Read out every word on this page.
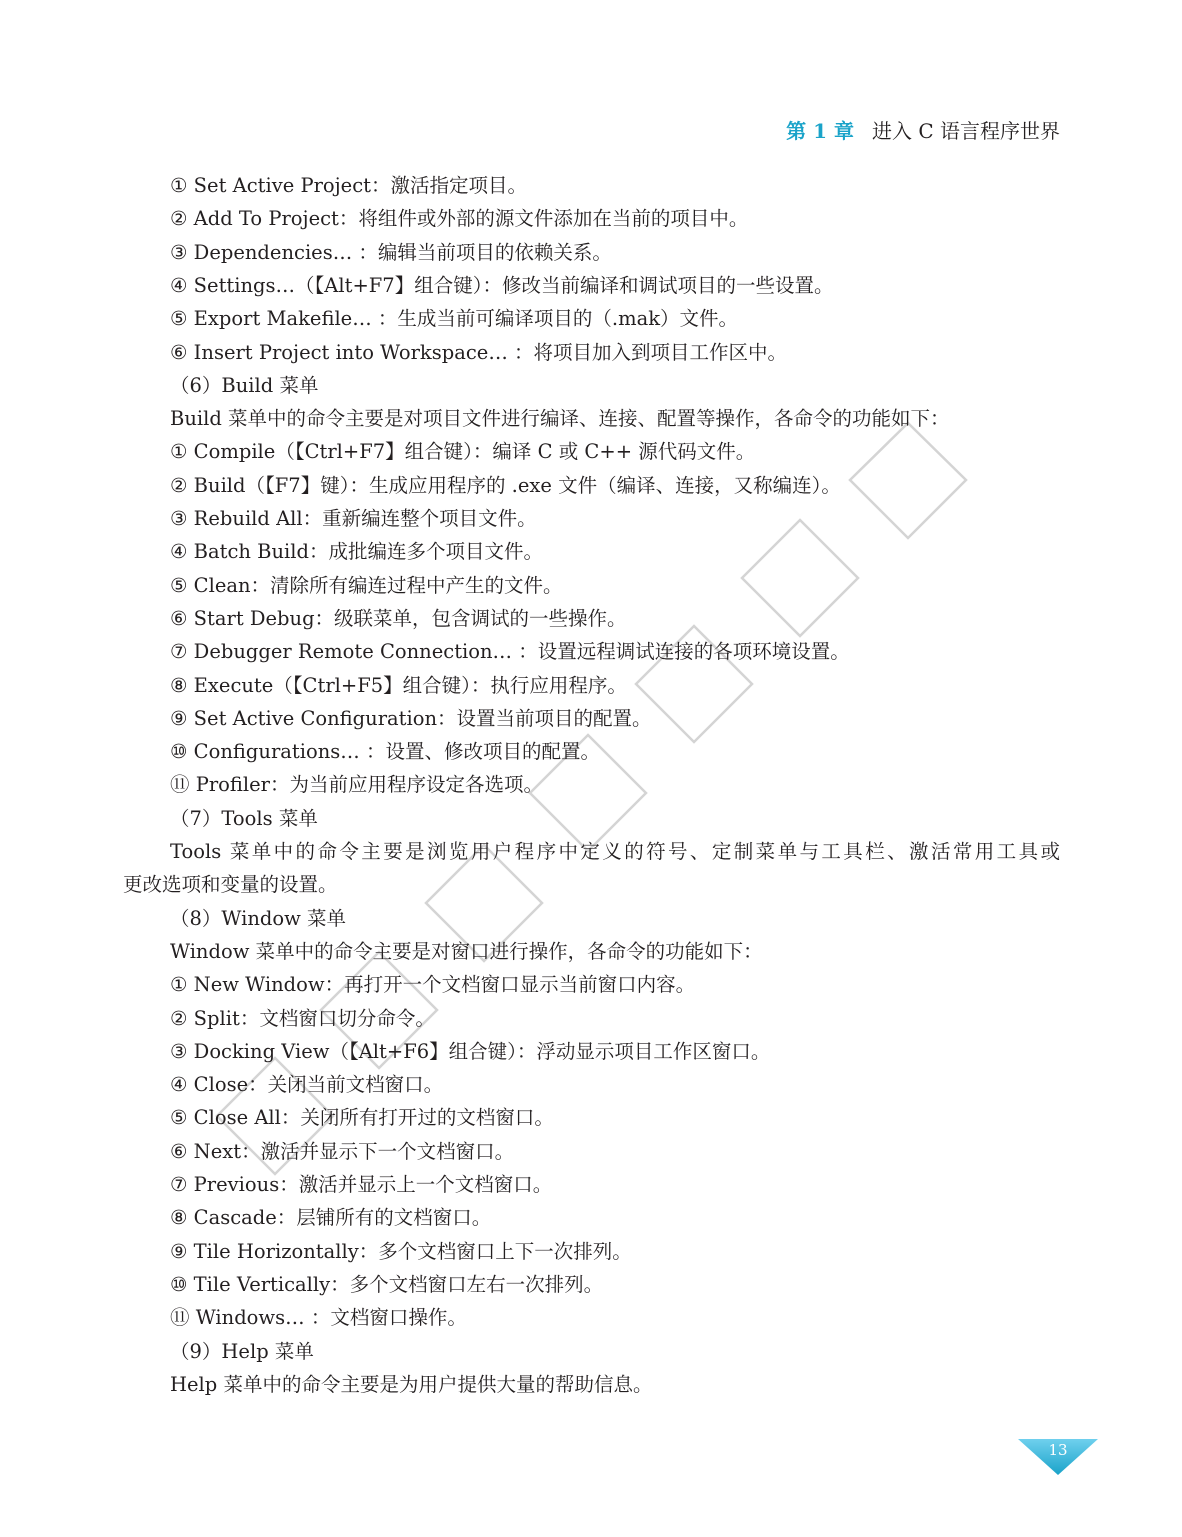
第 1 章 进入 C 语言程序世界
① Set Active Project：激活指定项目。
② Add To Project：将组件或外部的源文件添加在当前的项目中。
③ Dependencies… ：编辑当前项目的依赖关系。
④ Settings…（【Alt+F7】组合键）：修改当前编译和调试项目的一些设置。
⑤ Export Makefile… ：生成当前可编译项目的（.mak）文件。
⑥ Insert Project into Workspace… ：将项目加入到项目工作区中。
（6）Build 菜单
Build 菜单中的命令主要是对项目文件进行编译、连接、配置等操作，各命令的功能如下：
① Compile（【Ctrl+F7】组合键）：编译 C 或 C++ 源代码文件。
② Build（【F7】键）：生成应用程序的 .exe 文件（编译、连接，又称编连）。
③ Rebuild All：重新编连整个项目文件。
④ Batch Build：成批编连多个项目文件。
⑤ Clean：清除所有编连过程中产生的文件。
⑥ Start Debug：级联菜单，包含调试的一些操作。
⑦ Debugger Remote Connection… ：设置远程调试连接的各项环境设置。
⑧ Execute（【Ctrl+F5】组合键）：执行应用程序。
⑨ Set Active Configuration：设置当前项目的配置。
⑩ Configurations… ：设置、修改项目的配置。
⑪ Profiler：为当前应用程序设定各选项。
（7）Tools 菜单
Tools 菜单中的命令主要是浏览用户程序中定义的符号、定制菜单与工具栏、激活常用工具或
更改选项和变量的设置。
（8）Window 菜单
Window 菜单中的命令主要是对窗口进行操作，各命令的功能如下：
① New Window：再打开一个文档窗口显示当前窗口内容。
② Split：文档窗口切分命令。
③ Docking View（【Alt+F6】组合键）：浮动显示项目工作区窗口。
④ Close：关闭当前文档窗口。
⑤ Close All：关闭所有打开过的文档窗口。
⑥ Next：激活并显示下一个文档窗口。
⑦ Previous：激活并显示上一个文档窗口。
⑧ Cascade：层铺所有的文档窗口。
⑨ Tile Horizontally：多个文档窗口上下一次排列。
⑩ Tile Vertically：多个文档窗口左右一次排列。
⑪ Windows… ：文档窗口操作。
（9）Help 菜单
Help 菜单中的命令主要是为用户提供大量的帮助信息。
13
